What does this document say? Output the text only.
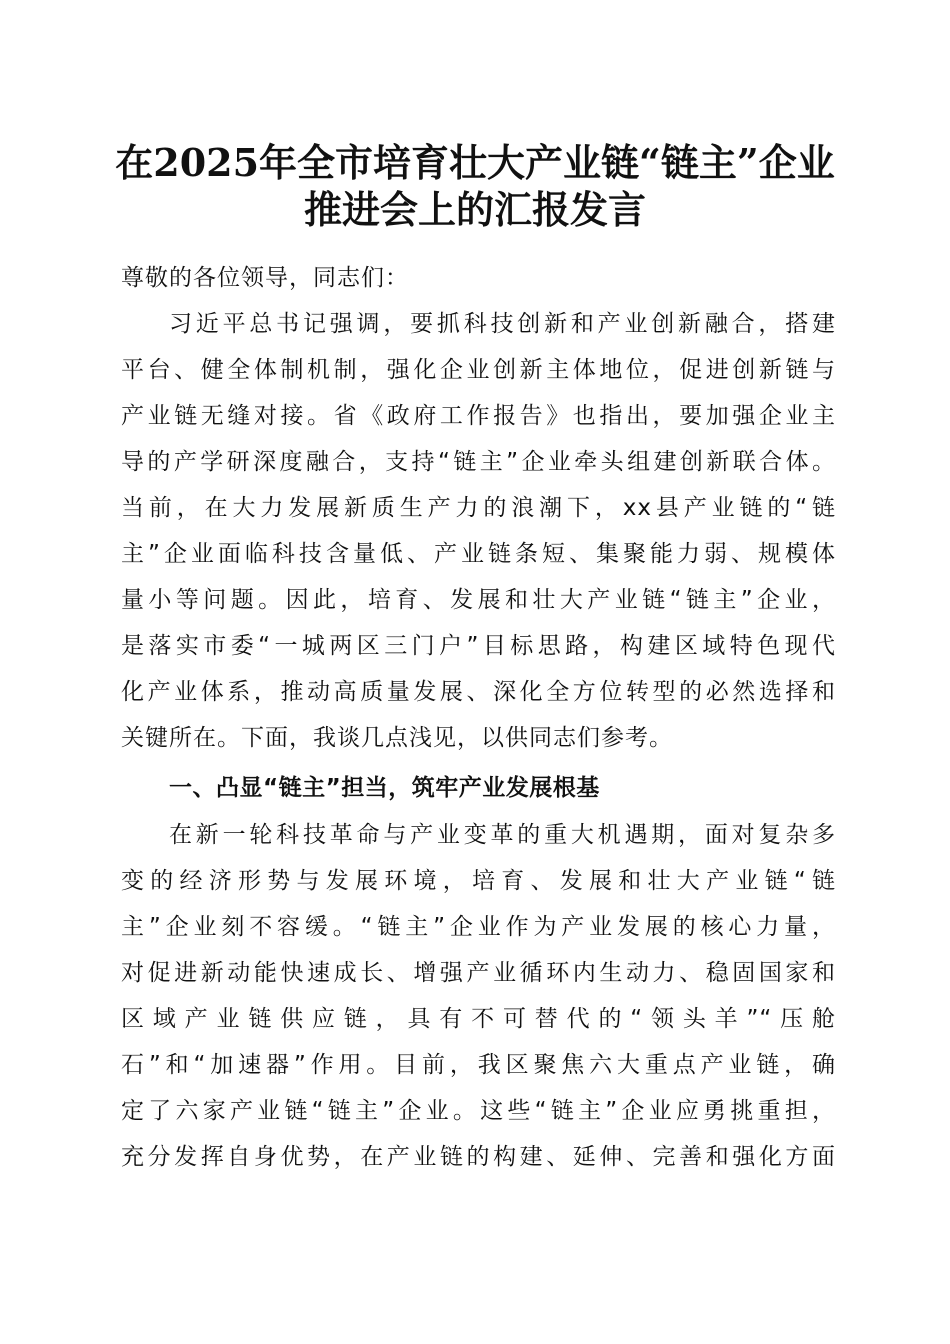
在2025年全市培育壮大产业链“链主”企业
推进会上的汇报发言
尊敬的各位领导，同志们：
习近平总书记强调，要抓科技创新和产业创新融合，搭建
平台、健全体制机制，强化企业创新主体地位，促进创新链与
产业链无缝对接。省《政府工作报告》也指出，要加强企业主
导的产学研深度融合，支持“链主”企业牵头组建创新联合体。
当前，在大力发展新质生产力的浪潮下，xx县产业链的“链
主”企业面临科技含量低、产业链条短、集聚能力弱、规模体
量小等问题。因此，培育、发展和壮大产业链“链主”企业，
是落实市委“一城两区三门户”目标思路，构建区域特色现代
化产业体系，推动高质量发展、深化全方位转型的必然选择和
关键所在。下面，我谈几点浅见，以供同志们参考。
一、凸显“链主”担当，筑牢产业发展根基
在新一轮科技革命与产业变革的重大机遇期，面对复杂多
变的经济形势与发展环境，培育、发展和壮大产业链“链
主”企业刻不容缓。“链主”企业作为产业发展的核心力量，
对促进新动能快速成长、增强产业循环内生动力、稳固国家和
区域产业链供应链，具有不可替代的“领头羊”“压舱
石”和“加速器”作用。目前，我区聚焦六大重点产业链，确
定了六家产业链“链主”企业。这些“链主”企业应勇挑重担，
充分发挥自身优势，在产业链的构建、延伸、完善和强化方面
